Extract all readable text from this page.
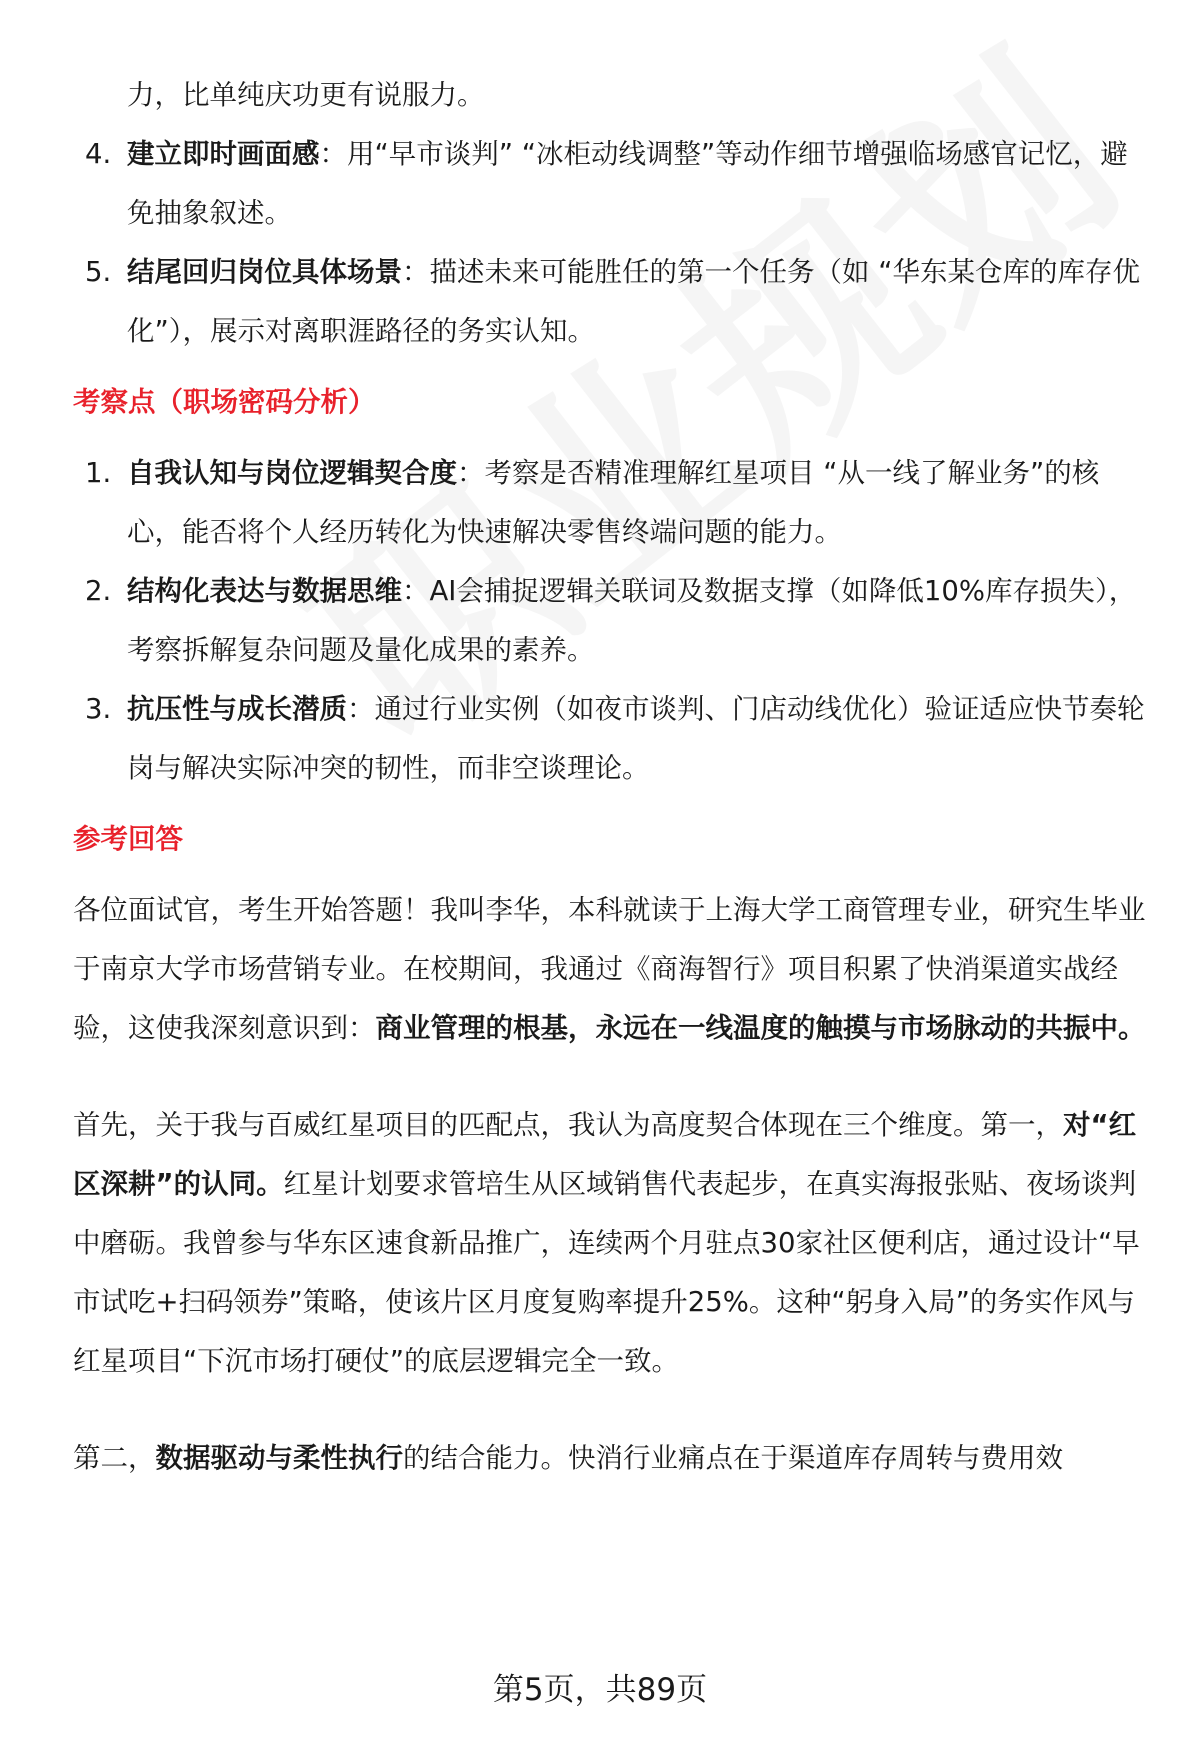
力，比单纯庆功更有说服力。

4. 建立即时画面感：用“早市谈判” “冰柜动线调整”等动作细节增强临场感官记忆，避免抽象叙述。
5. 结尾回归岗位具体场景：描述未来可能胜任的第一个任务（如 “华东某仓库的库存优化”），展示对离职涯路径的务实认知。

考察点（职场密码分析）

1. 自我认知与岗位逻辑契合度：考察是否精准理解红星项目 “从一线了解业务”的核心，能否将个人经历转化为快速解决零售终端问题的能力。
2. 结构化表达与数据思维：AI会捕捉逻辑关联词及数据支撑（如降低10%库存损失），考察拆解复杂问题及量化成果的素养。
3. 抗压性与成长潜质：通过行业实例（如夜市谈判、门店动线优化）验证适应快节奏轮岗与解决实际冲突的韧性，而非空谈理论。

参考回答

各位面试官，考生开始答题！我叫李华，本科就读于上海大学工商管理专业，研究生毕业于南京大学市场营销专业。在校期间，我通过《商海智行》项目积累了快消渠道实战经验，这使我深刻意识到：商业管理的根基，永远在一线温度的触摸与市场脉动的共振中。

首先，关于我与百威红星项目的匹配点，我认为高度契合体现在三个维度。第一，对“红区深耕”的认同。红星计划要求管培生从区域销售代表起步，在真实海报张贴、夜场谈判中磨砺。我曾参与华东区速食新品推广，连续两个月驻点30家社区便利店，通过设计“早市试吃+扫码领券”策略，使该片区月度复购率提升25%。这种“躬身入局”的务实作风与红星项目“下沉市场打硬仗”的底层逻辑完全一致。

第二，数据驱动与柔性执行的结合能力。快消行业痛点在于渠道库存周转与费用效

第5页，共89页
